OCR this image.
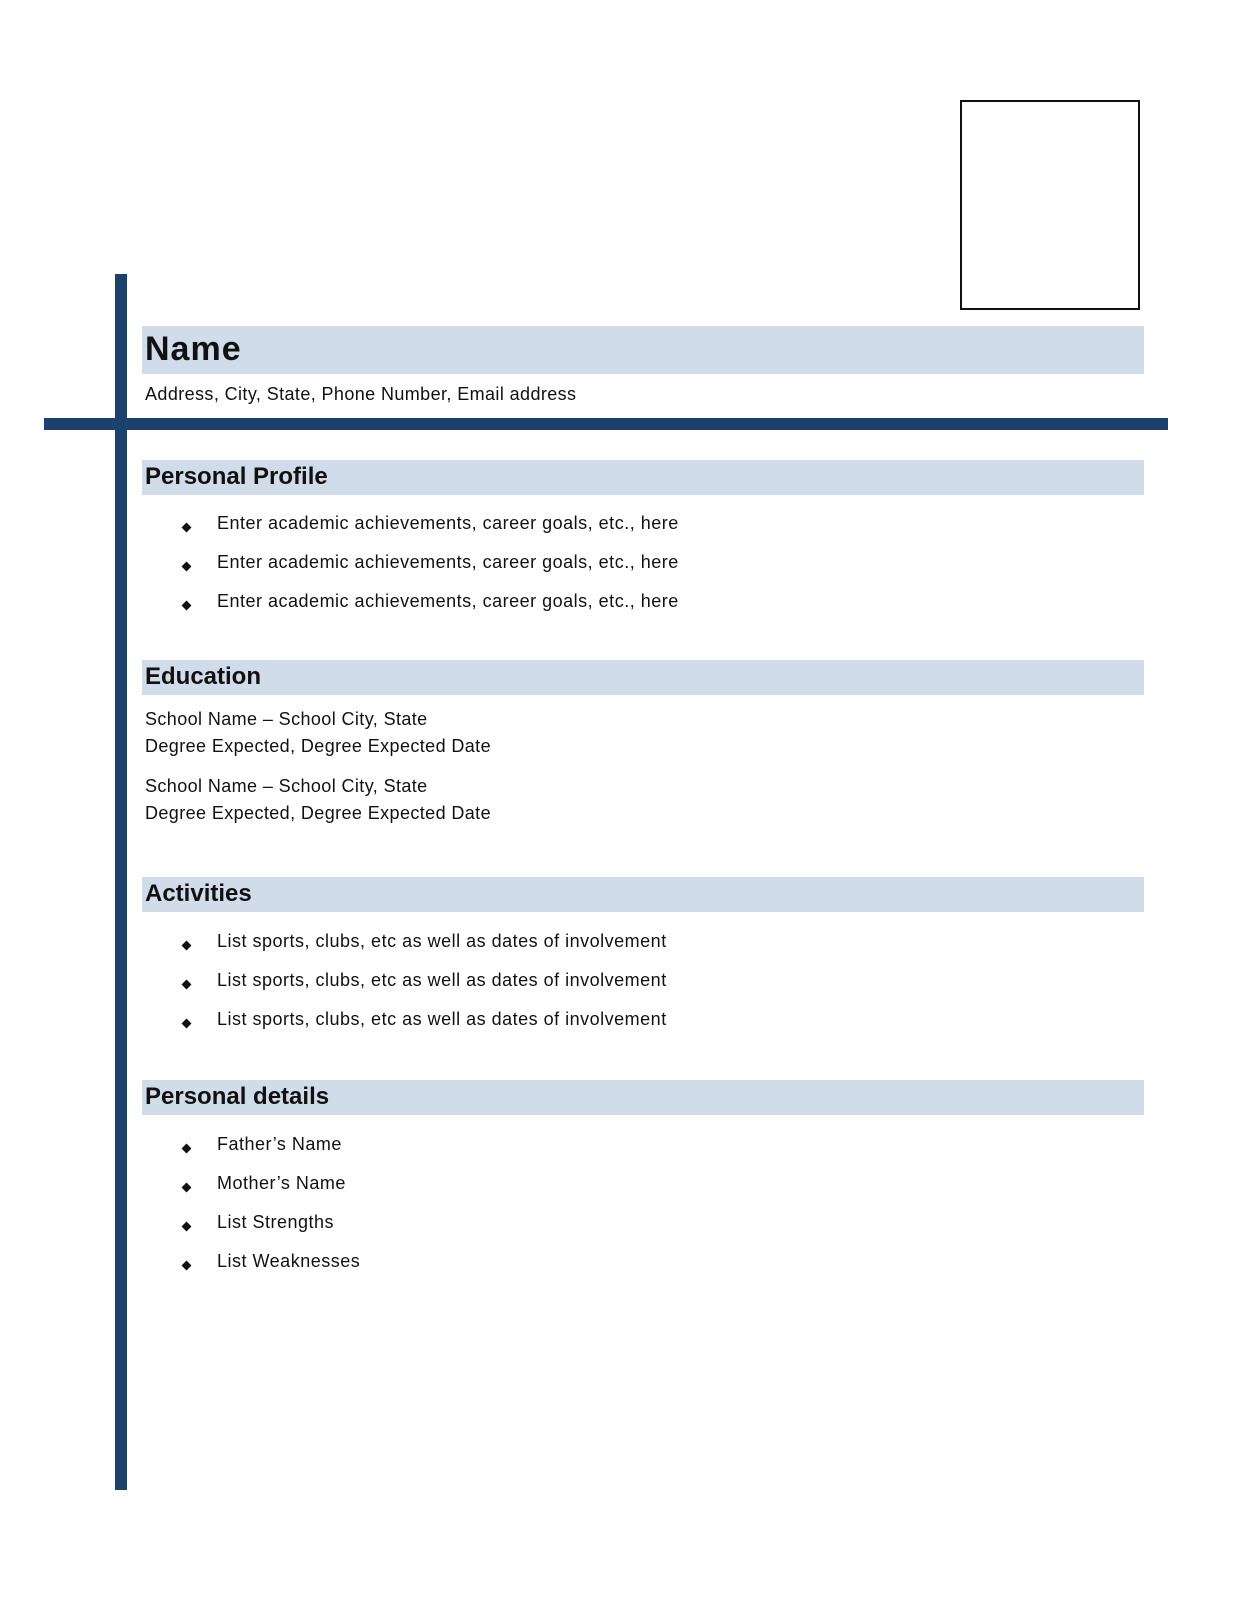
Name
Address, City, State, Phone Number, Email address
Personal Profile
Enter academic achievements, career goals, etc., here
Enter academic achievements, career goals, etc., here
Enter academic achievements, career goals, etc., here
Education
School Name – School City, State
Degree Expected, Degree Expected Date
School Name – School City, State
Degree Expected, Degree Expected Date
Activities
List sports, clubs, etc as well as dates of involvement
List sports, clubs, etc as well as dates of involvement
List sports, clubs, etc as well as dates of involvement
Personal details
Father’s Name
Mother’s Name
List Strengths
List Weaknesses
